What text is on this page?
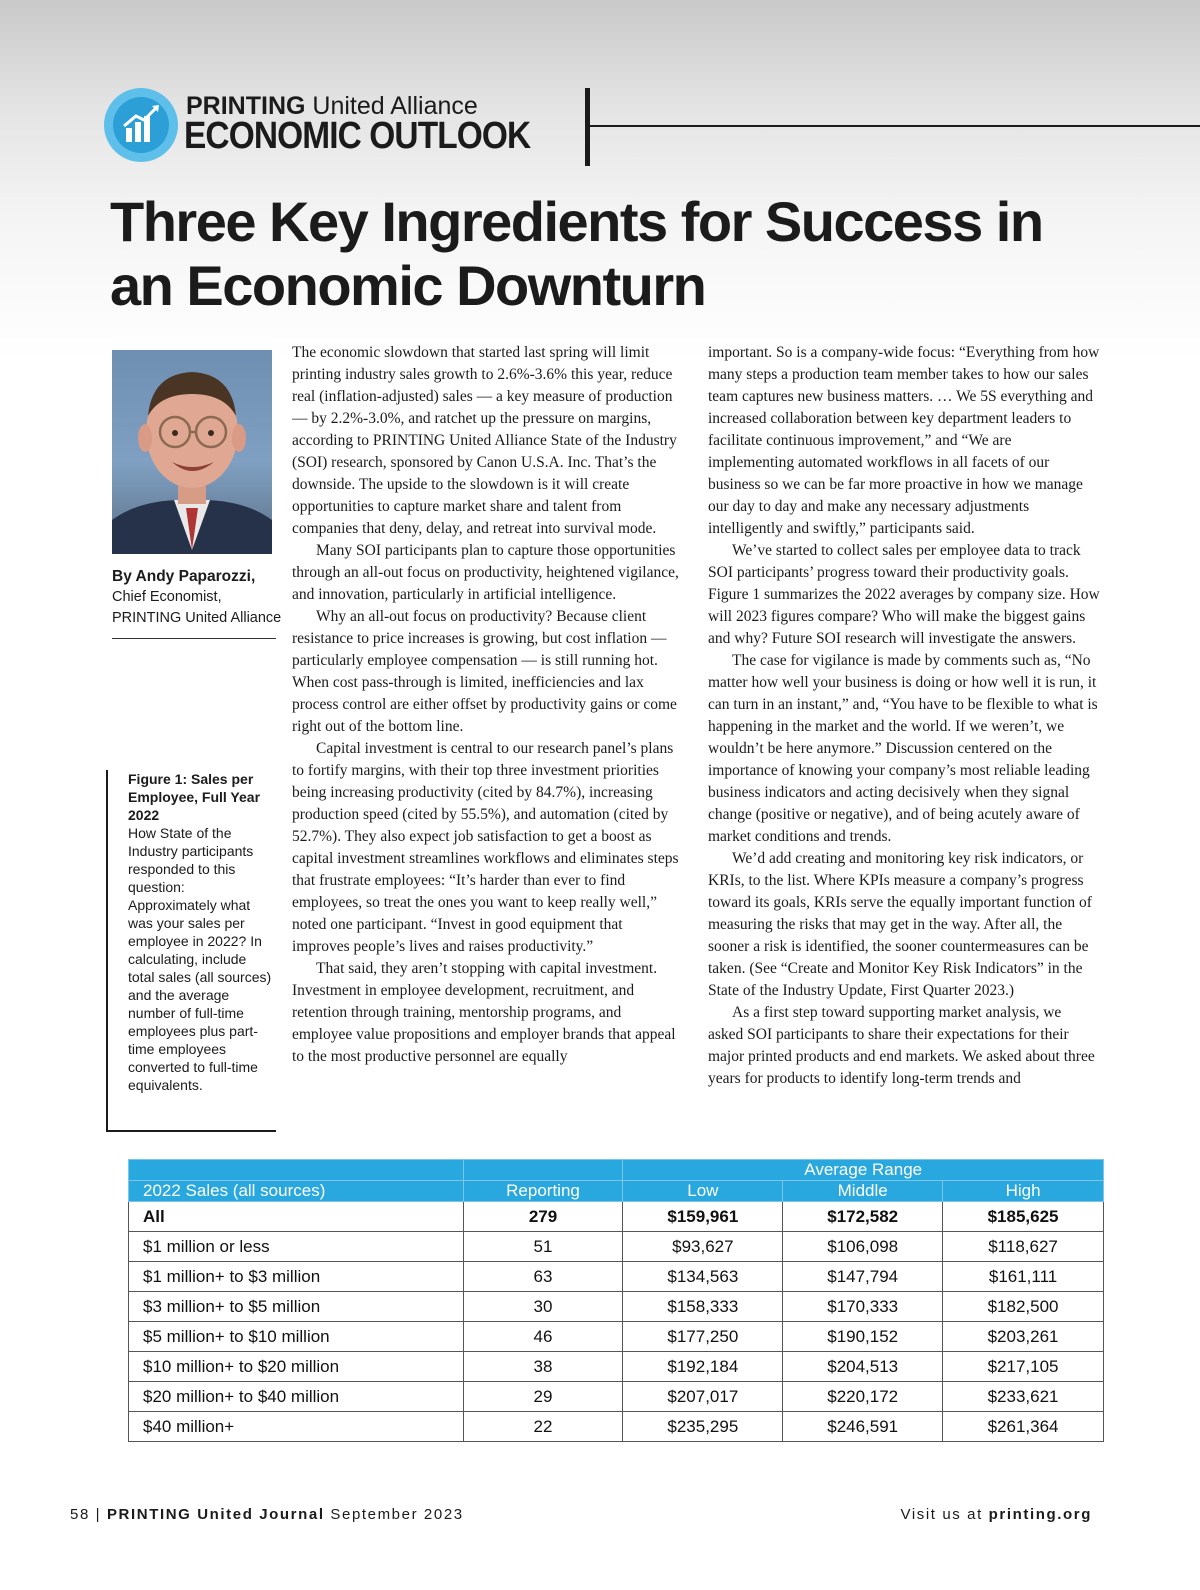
PRINTING United Alliance
ECONOMIC OUTLOOK
Three Key Ingredients for Success in an Economic Downturn
By Andy Paparozzi,
Chief Economist,
PRINTING United Alliance
Figure 1: Sales per Employee, Full Year 2022
How State of the Industry participants responded to this question: Approximately what was your sales per employee in 2022? In calculating, include total sales (all sources) and the average number of full-time employees plus part-time employees converted to full-time equivalents.

The economic slowdown that started last spring will limit printing industry sales growth to 2.6%-3.6% this year, reduce real (inflation-adjusted) sales — a key measure of production — by 2.2%-3.0%, and ratchet up the pressure on margins, according to PRINTING United Alliance State of the Industry (SOI) research, sponsored by Canon U.S.A. Inc. That’s the downside. The upside to the slowdown is it will create opportunities to capture market share and talent from companies that deny, delay, and retreat into survival mode.

Many SOI participants plan to capture those opportunities through an all-out focus on productivity, heightened vigilance, and innovation, particularly in artificial intelligence.

Why an all-out focus on productivity? Because client resistance to price increases is growing, but cost inflation — particularly employee compensation — is still running hot. When cost pass-through is limited, inefficiencies and lax process control are either offset by productivity gains or come right out of the bottom line.

Capital investment is central to our research panel’s plans to fortify margins, with their top three investment priorities being increasing productivity (cited by 84.7%), increasing production speed (cited by 55.5%), and automation (cited by 52.7%). They also expect job satisfaction to get a boost as capital investment streamlines workflows and eliminates steps that frustrate employees: “It’s harder than ever to find employees, so treat the ones you want to keep really well,” noted one participant. “Invest in good equipment that improves people’s lives and raises productivity.”

That said, they aren’t stopping with capital investment. Investment in employee development, recruitment, and retention through training, mentorship programs, and employee value propositions and employer brands that appeal to the most productive personnel are equally

important. So is a company-wide focus: “Everything from how many steps a production team member takes to how our sales team captures new business matters. … We 5S everything and increased collaboration between key department leaders to facilitate continuous improvement,” and “We are implementing automated workflows in all facets of our business so we can be far more proactive in how we manage our day to day and make any necessary adjustments intelligently and swiftly,” participants said.

We’ve started to collect sales per employee data to track SOI participants’ progress toward their productivity goals. Figure 1 summarizes the 2022 averages by company size. How will 2023 figures compare? Who will make the biggest gains and why? Future SOI research will investigate the answers.

The case for vigilance is made by comments such as, “No matter how well your business is doing or how well it is run, it can turn in an instant,” and, “You have to be flexible to what is happening in the market and the world. If we weren’t, we wouldn’t be here anymore.” Discussion centered on the importance of knowing your company’s most reliable leading business indicators and acting decisively when they signal change (positive or negative), and of being acutely aware of market conditions and trends.

We’d add creating and monitoring key risk indicators, or KRIs, to the list. Where KPIs measure a company’s progress toward its goals, KRIs serve the equally important function of measuring the risks that may get in the way. After all, the sooner a risk is identified, the sooner countermeasures can be taken. (See “Create and Monitor Key Risk Indicators” in the State of the Industry Update, First Quarter 2023.)

As a first step toward supporting market analysis, we asked SOI participants to share their expectations for their major printed products and end markets. We asked about three years for products to identify long-term trends and

		Average Range		
2022 Sales (all sources)	Reporting	Low	Middle	High
All	279	$159,961	$172,582	$185,625
$1 million or less	51	$93,627	$106,098	$118,627
$1 million+ to $3 million	63	$134,563	$147,794	$161,111
$3 million+ to $5 million	30	$158,333	$170,333	$182,500
$5 million+ to $10 million	46	$177,250	$190,152	$203,261
$10 million+ to $20 million	38	$192,184	$204,513	$217,105
$20 million+ to $40 million	29	$207,017	$220,172	$233,621
$40 million+	22	$235,295	$246,591	$261,364
58 | PRINTING United Journal September 2023	Visit us at printing.org
